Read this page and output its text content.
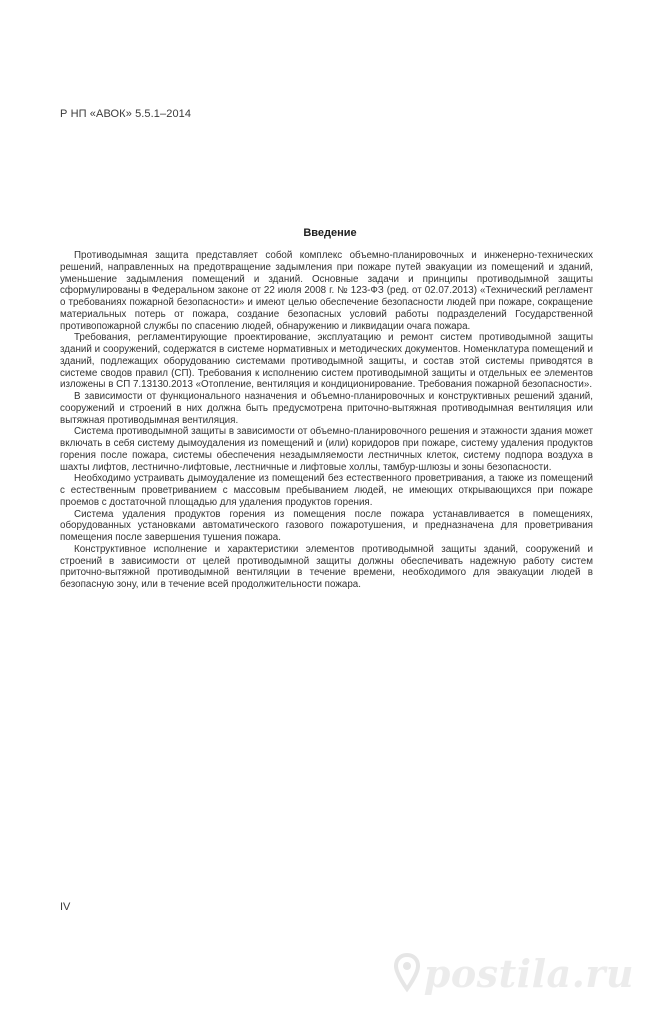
Р НП «АВОК» 5.5.1–2014
Введение

Противодымная защита представляет собой комплекс объемно-планировочных и инженерно-технических решений, направленных на предотвращение задымления при пожаре путей эвакуации из помещений и зданий, уменьшение задымления помещений и зданий. Основные задачи и принципы противодымной защиты сформулированы в Федеральном законе от 22 июля 2008 г. № 123-ФЗ (ред. от 02.07.2013) «Технический регламент о требованиях пожарной безопасности» и имеют целью обеспечение безопасности людей при пожаре, сокращение материальных потерь от пожара, создание безопасных условий работы подразделений Государственной противопожарной службы по спасению людей, обнаружению и ликвидации очага пожара.

Требования, регламентирующие проектирование, эксплуатацию и ремонт систем противодымной защиты зданий и сооружений, содержатся в системе нормативных и методических документов. Номенклатура помещений и зданий, подлежащих оборудованию системами противодымной защиты, и состав этой системы приводятся в системе сводов правил (СП). Требования к исполнению систем противодымной защиты и отдельных ее элементов изложены в СП 7.13130.2013 «Отопление, вентиляция и кондиционирование. Требования пожарной безопасности».

В зависимости от функционального назначения и объемно-планировочных и конструктивных решений зданий, сооружений и строений в них должна быть предусмотрена приточно-вытяжная противодымная вентиляция или вытяжная противодымная вентиляция.

Система противодымной защиты в зависимости от объемно-планировочного решения и этажности здания может включать в себя систему дымоудаления из помещений и (или) коридоров при пожаре, систему удаления продуктов горения после пожара, системы обеспечения незадымляемости лестничных клеток, систему подпора воздуха в шахты лифтов, лестнично-лифтовые, лестничные и лифтовые холлы, тамбур-шлюзы и зоны безопасности.

Необходимо устраивать дымоудаление из помещений без естественного проветривания, а также из помещений с естественным проветриванием с массовым пребыванием людей, не имеющих открывающихся при пожаре проемов с достаточной площадью для удаления продуктов горения.

Система удаления продуктов горения из помещения после пожара устанавливается в помещениях, оборудованных установками автоматического газового пожаротушения, и предназначена для проветривания помещения после завершения тушения пожара.

Конструктивное исполнение и характеристики элементов противодымной защиты зданий, сооружений и строений в зависимости от целей противодымной защиты должны обеспечивать надежную работу систем приточно-вытяжной противодымной вентиляции в течение времени, необходимого для эвакуации людей в безопасную зону, или в течение всей продолжительности пожара.

IV
postila.ru
